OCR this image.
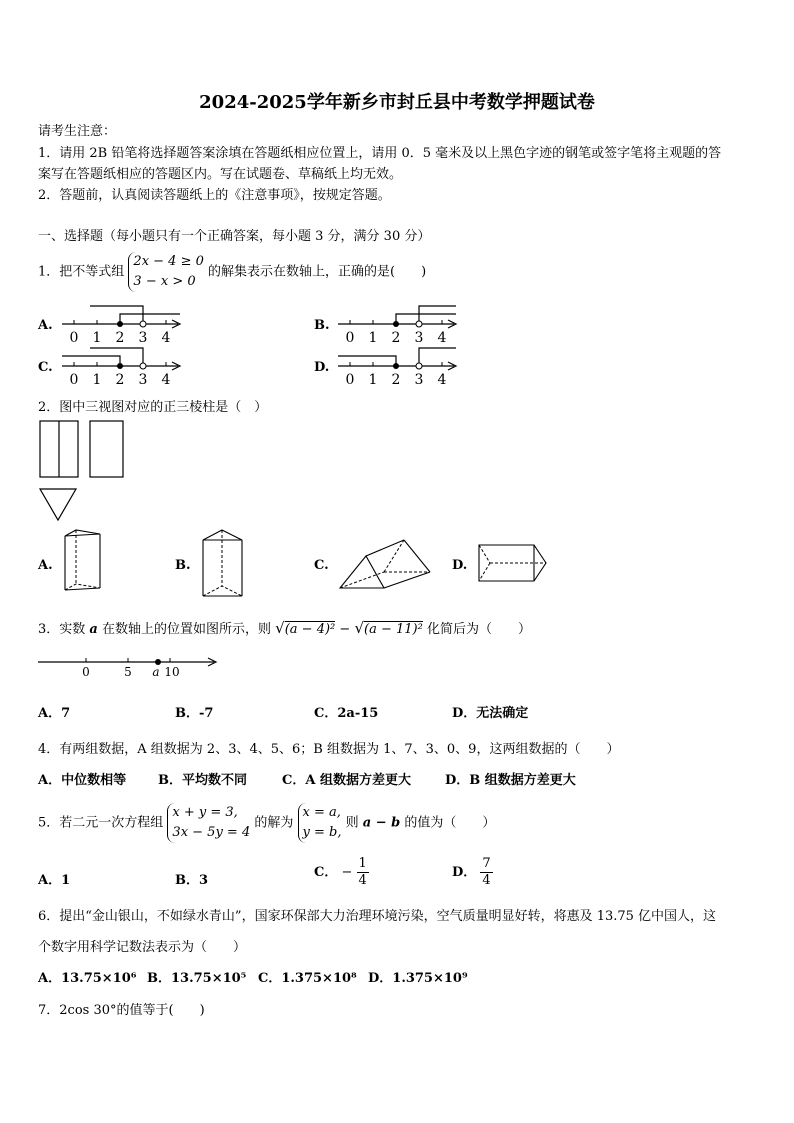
2024-2025学年新乡市封丘县中考数学押题试卷
请考生注意：
1．请用 2B 铅笔将选择题答案涂填在答题纸相应位置上，请用 0．5 毫米及以上黑色字迹的钢笔或签字笔将主观题的答
案写在答题纸相应的答题区内。写在试题卷、草稿纸上均无效。
2．答题前，认真阅读答题纸上的《注意事项》，按规定答题。
一、选择题（每小题只有一个正确答案，每小题 3 分，满分 30 分）
1．把不等式组 2x − 4 ≥ 0
3 − x > 0 的解集表示在数轴上，正确的是(　　)
A.	B.
C.	D.
0 1 2 3 4	0 1 2 3 4
0 1 2 3 4	0 1 2 3 4
2．图中三视图对应的正三棱柱是（　）
A.	B.	C.	D.
3．实数 a 在数轴上的位置如图所示，则 √(a − 4)² − √(a − 11)² 化简后为（　　）
0	5 a 10
A．7	B．-7	C．2a-15	D．无法确定
4．有两组数据，A 组数据为 2、3、4、5、6；B 组数据为 1、7、3、0、9，这两组数据的（　　）
A．中位数相等 B．平均数不同	C．A 组数据方差更大	D．B 组数据方差更大
5．若二元一次方程组 x + y = 3,
3x − 5y = 4 的解为 x = a,
y = b, 则 a − b 的值为（　　）
A．1	B．3
C． − $\frac{1}{4}$	D． $\frac{7}{4}$
6．提出“金山银山，不如绿水青山”，国家环保部大力治理环境污染，空气质量明显好转，将惠及 13.75 亿中国人，这
个数字用科学记数法表示为（　　）
A．13.75×10⁶ B．13.75×10⁵ C．1.375×10⁸ D．1.375×10⁹
7．2cos 30°的值等于(　　)
